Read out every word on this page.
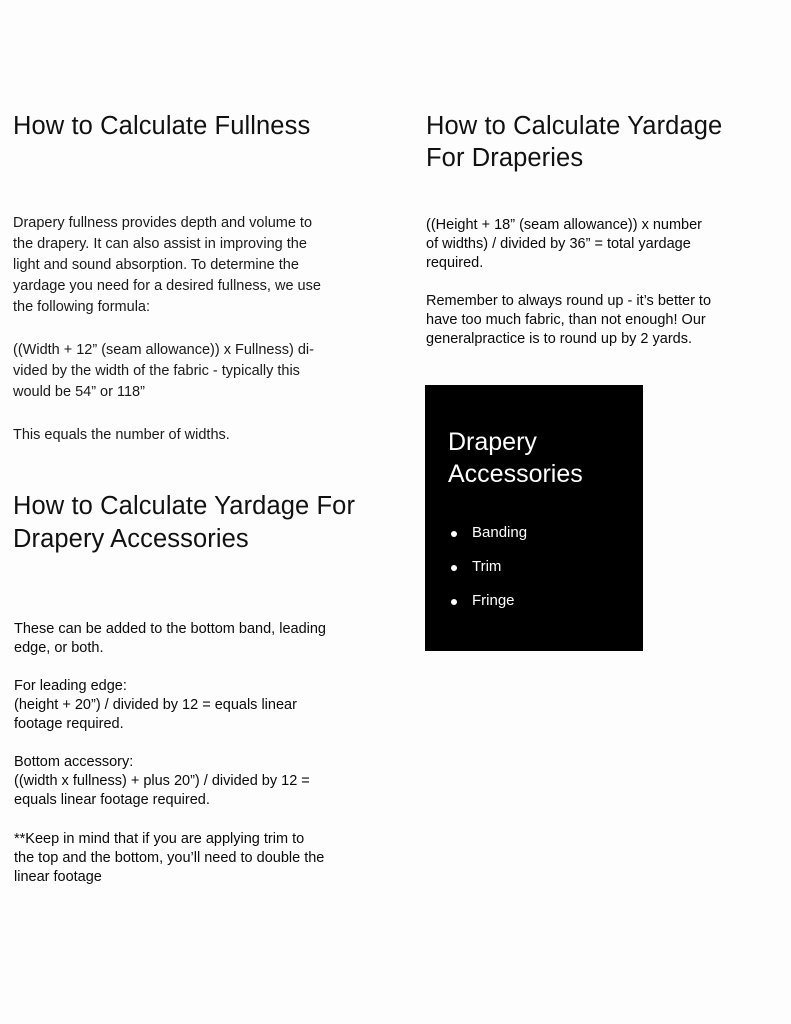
How to Calculate Fullness

Drapery fullness provides depth and volume to
the drapery. It can also assist in improving the
light and sound absorption. To determine the
yardage you need for a desired fullness, we use
the following formula:

((Width + 12” (seam allowance)) x Fullness) di-
vided by the width of the fabric - typically this
would be 54” or 118”

This equals the number of widths.

How to Calculate Yardage For
Drapery Accessories

These can be added to the bottom band, leading
edge, or both.

For leading edge:
(height + 20”) / divided by 12 = equals linear
footage required.

Bottom accessory:
((width x fullness) + plus 20”) / divided by 12 =
equals linear footage required.

**Keep in mind that if you are applying trim to
the top and the bottom, you’ll need to double the
linear footage

How to Calculate Yardage
For Draperies

((Height + 18” (seam allowance)) x number
of widths) / divided by 36” = total yardage
required.

Remember to always round up - it’s better to
have too much fabric, than not enough! Our
generalpractice is to round up by 2 yards.

Drapery
Accessories
Banding
Trim
Fringe
